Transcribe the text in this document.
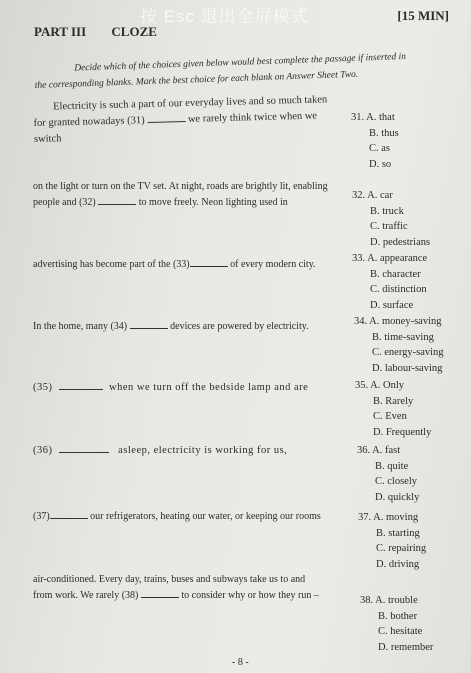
按 Esc 退出全屏模式
PART III CLOZE
[15 MIN]
Decide which of the choices given below would best complete the passage if inserted in
the corresponding blanks. Mark the best choice for each blank on Answer Sheet Two.
Electricity is such a part of our everyday lives and so much taken
for granted nowadays (31)	we rarely think twice when we switch
on the light or turn on the TV set. At night, roads are brightly lit, enabling
people and (32)	to move freely. Neon lighting used in
advertising has become part of the (33)	of every modern city.
In the home, many (34)	devices are powered by electricity.
(35)	when we turn off the bedside lamp and are
(36)	asleep, electricity is working for us,
(37)	our refrigerators, heating our water, or keeping our rooms
air-conditioned. Every day, trains, buses and subways take us to and
from work. We rarely (38)	to consider why or how they run –
31. A. that
B. thus
C. as
D. so
32. A. car
B. truck
C. traffic
D. pedestrians
33. A. appearance
B. character
C. distinction
D. surface
34. A. money-saving
B. time-saving
C. energy-saving
D. labour-saving
35. A. Only
B. Rarely
C. Even
D. Frequently
36. A. fast
B. quite
C. closely
D. quickly
37. A. moving
B. starting
C. repairing
D. driving
38. A. trouble
B. bother
C. hesitate
D. remember
- 8 -
